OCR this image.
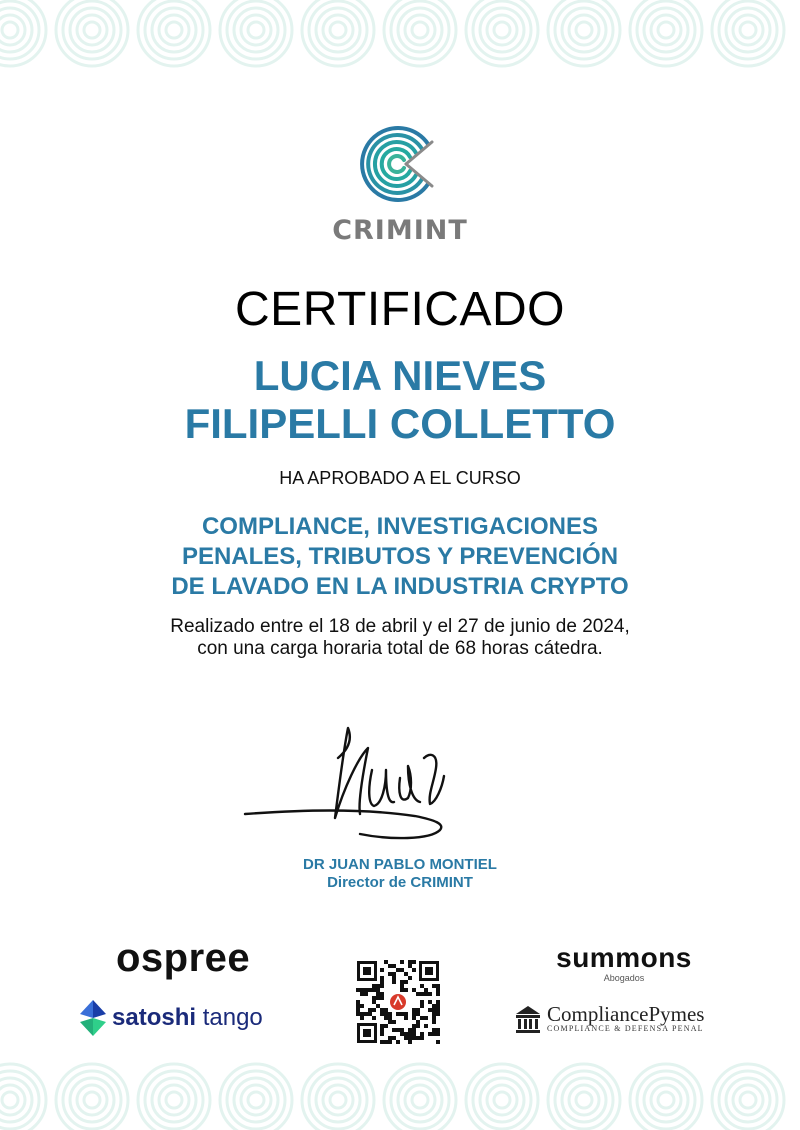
CRIMINT
CERTIFICADO
LUCIA NIEVES
FILIPELLI COLLETTO
HA APROBADO A EL CURSO
COMPLIANCE, INVESTIGACIONES
PENALES, TRIBUTOS Y PREVENCIÓN
DE LAVADO EN LA INDUSTRIA CRYPTO
Realizado entre el 18 de abril y el 27 de junio de 2024,
con una carga horaria total de 68 horas cátedra.
DR JUAN PABLO MONTIEL
Director de CRIMINT
ospree
satoshi tango
summons
Abogados
CompliancePymes
COMPLIANCE & DEFENSA PENAL
